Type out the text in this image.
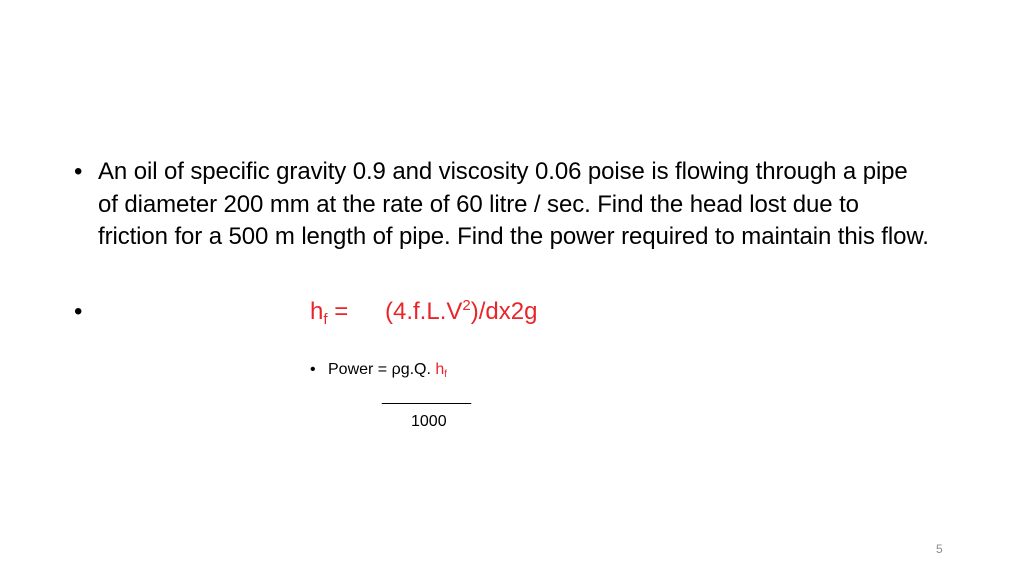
• An oil of specific gravity 0.9 and viscosity 0.06 poise is flowing through a pipe of diameter 200 mm at the rate of 60 litre / sec. Find the head lost due to friction for a 500 m length of pipe. Find the power required to maintain this flow.
•	$h_f = (4.f.L.V^2)/dx2g$
• Power = ρg.Q. hf
__________
1000
5
